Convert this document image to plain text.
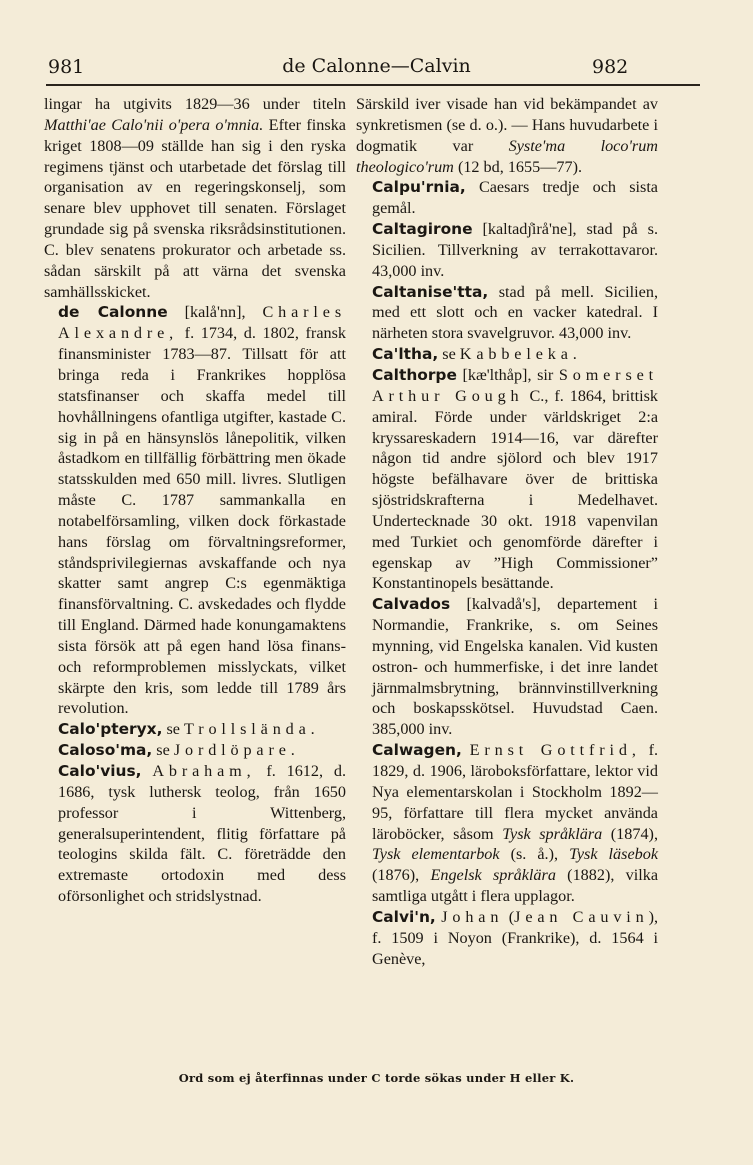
981	de Calonne—Calvin	982

lingar ha utgivits 1829—36 under titeln Matthi'ae Calo'nii o'pera o'mnia. Efter finska kriget 1808—09 ställde han sig i den ryska regimens tjänst och utarbetade det förslag till organisation av en regeringskonselj, som senare blev upphovet till senaten. Förslaget grundade sig på svenska riksrådsinstitutionen. C. blev senatens prokurator och arbetade ss. sådan särskilt på att värna det svenska samhällsskicket.

de Calonne [kalå'nn], Charles Alexandre, f. 1734, d. 1802, fransk finansminister 1783—87. Tillsatt för att bringa reda i Frankrikes hopplösa statsfinanser och skaffa medel till hovhållningens ofantliga utgifter, kastade C. sig in på en hänsynslös lånepolitik, vilken åstadkom en tillfällig förbättring men ökade statsskulden med 650 mill. livres. Slutligen måste C. 1787 sammankalla en notabelförsamling, vilken dock förkastade hans förslag om förvaltningsreformer, ståndsprivilegiernas avskaffande och nya skatter samt angrep C:s egenmäktiga finansförvaltning. C. avskedades och flydde till England. Därmed hade konungamaktens sista försök att på egen hand lösa finans- och reformproblemen misslyckats, vilket skärpte den kris, som ledde till 1789 års revolution.

Calo'pteryx, se Trollslända.

Caloso'ma, se Jordlöpare.

Calo'vius, Abraham, f. 1612, d. 1686, tysk luthersk teolog, från 1650 professor i Wittenberg, generalsuperintendent, flitig författare på teologins skilda fält. C. företrädde den extremaste ortodoxin med dess oförsonlighet och stridslystnad.

Särskild iver visade han vid bekämpandet av synkretismen (se d. o.). — Hans huvudarbete i dogmatik var Syste'ma loco'rum theologico'rum (12 bd, 1655—77).

Calpu'rnia, Caesars tredje och sista gemål.

Caltagirone [kaltadȷ̊irå'ne], stad på s. Sicilien. Tillverkning av terrakottavaror. 43,000 inv.

Caltanise'tta, stad på mell. Sicilien, med ett slott och en vacker katedral. I närheten stora svavelgruvor. 43,000 inv.

Ca'ltha, se Kabbeleka.

Calthorpe [kæ'lthåp], sir Somerset Arthur Gough C., f. 1864, brittisk amiral. Förde under världskriget 2:a kryssareskadern 1914—16, var därefter någon tid andre sjölord och blev 1917 högste befälhavare över de brittiska sjöstridskrafterna i Medelhavet. Undertecknade 30 okt. 1918 vapenvilan med Turkiet och genomförde därefter i egenskap av ”High Commissioner” Konstantinopels besättande.

Calvados [kalvadå's], departement i Normandie, Frankrike, s. om Seines mynning, vid Engelska kanalen. Vid kusten ostron- och hummerfiske, i det inre landet järnmalmsbrytning, brännvinstillverkning och boskapsskötsel. Huvudstad Caen. 385,000 inv.

Calwagen, Ernst Gottfrid, f. 1829, d. 1906, läroboksförfattare, lektor vid Nya elementarskolan i Stockholm 1892—95, författare till flera mycket använda läroböcker, såsom Tysk språklära (1874), Tysk elementarbok (s. å.), Tysk läsebok (1876), Engelsk språklära (1882), vilka samtliga utgått i flera upplagor.

Calvi'n, Johan (Jean Cauvin), f. 1509 i Noyon (Frankrike), d. 1564 i Genève,

Ord som ej återfinnas under C torde sökas under H eller K.
